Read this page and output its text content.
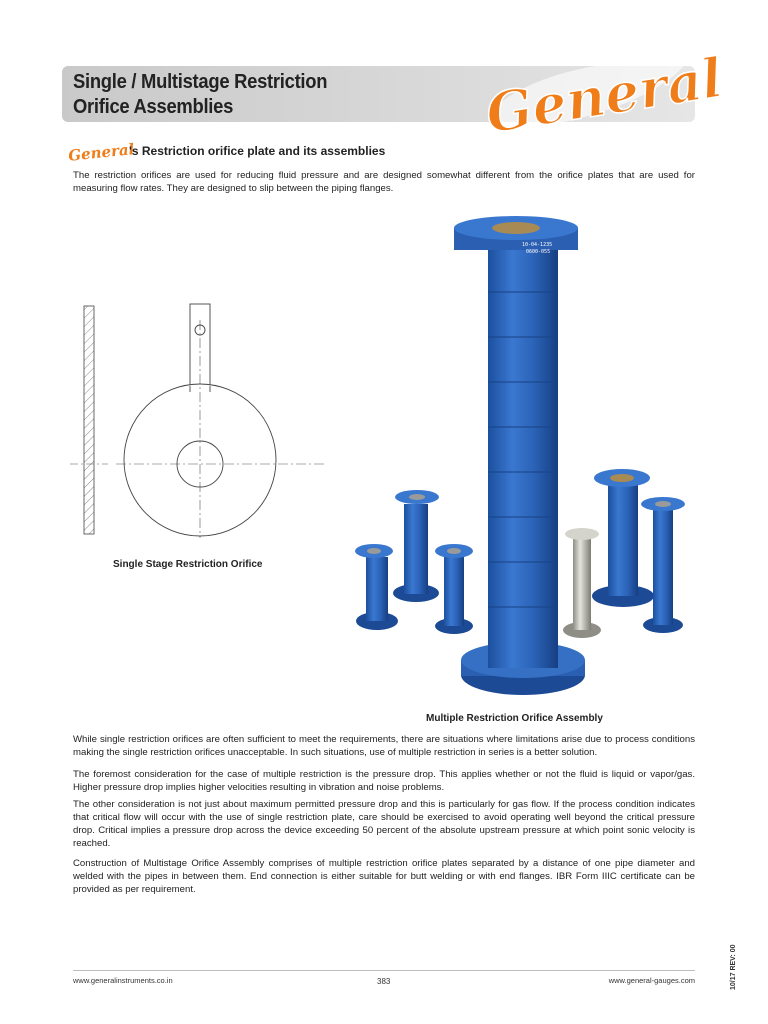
Single / Multistage Restriction
Orifice Assemblies	General
General
's Restriction orifice plate and its assemblies

The restriction orifices are used for reducing fluid pressure and are designed somewhat different from the orifice plates that are used for measuring flow rates. They are designed to slip between the piping flanges.

Single Stage Restriction Orifice
10-04-1235
0600-055
Multiple Restriction Orifice Assembly

While single restriction orifices are often sufficient to meet the requirements, there are situations where limitations arise due to process conditions making the single restriction orifices unacceptable. In such situations, use of multiple restriction in series is a better solution.

The foremost consideration for the case of multiple restriction is the pressure drop. This applies whether or not the fluid is liquid or vapor/gas. Higher pressure drop implies higher velocities resulting in vibration and noise problems.

The other consideration is not just about maximum permitted pressure drop and this is particularly for gas flow. If the process condition indicates that critical flow will occur with the use of single restriction plate, care should be exercised to avoid operating well beyond the critical pressure drop. Critical implies a pressure drop across the device exceeding 50 percent of the absolute upstream pressure at which point sonic velocity is reached.

Construction of Multistage Orifice Assembly comprises of multiple restriction orifice plates separated by a distance of one pipe diameter and welded with the pipes in between them. End connection is either suitable for butt welding or with end flanges. IBR Form IIIC certificate can be provided as per requirement.

www.generalinstruments.co.in	383	www.general-gauges.com	10/17 REV: 00
